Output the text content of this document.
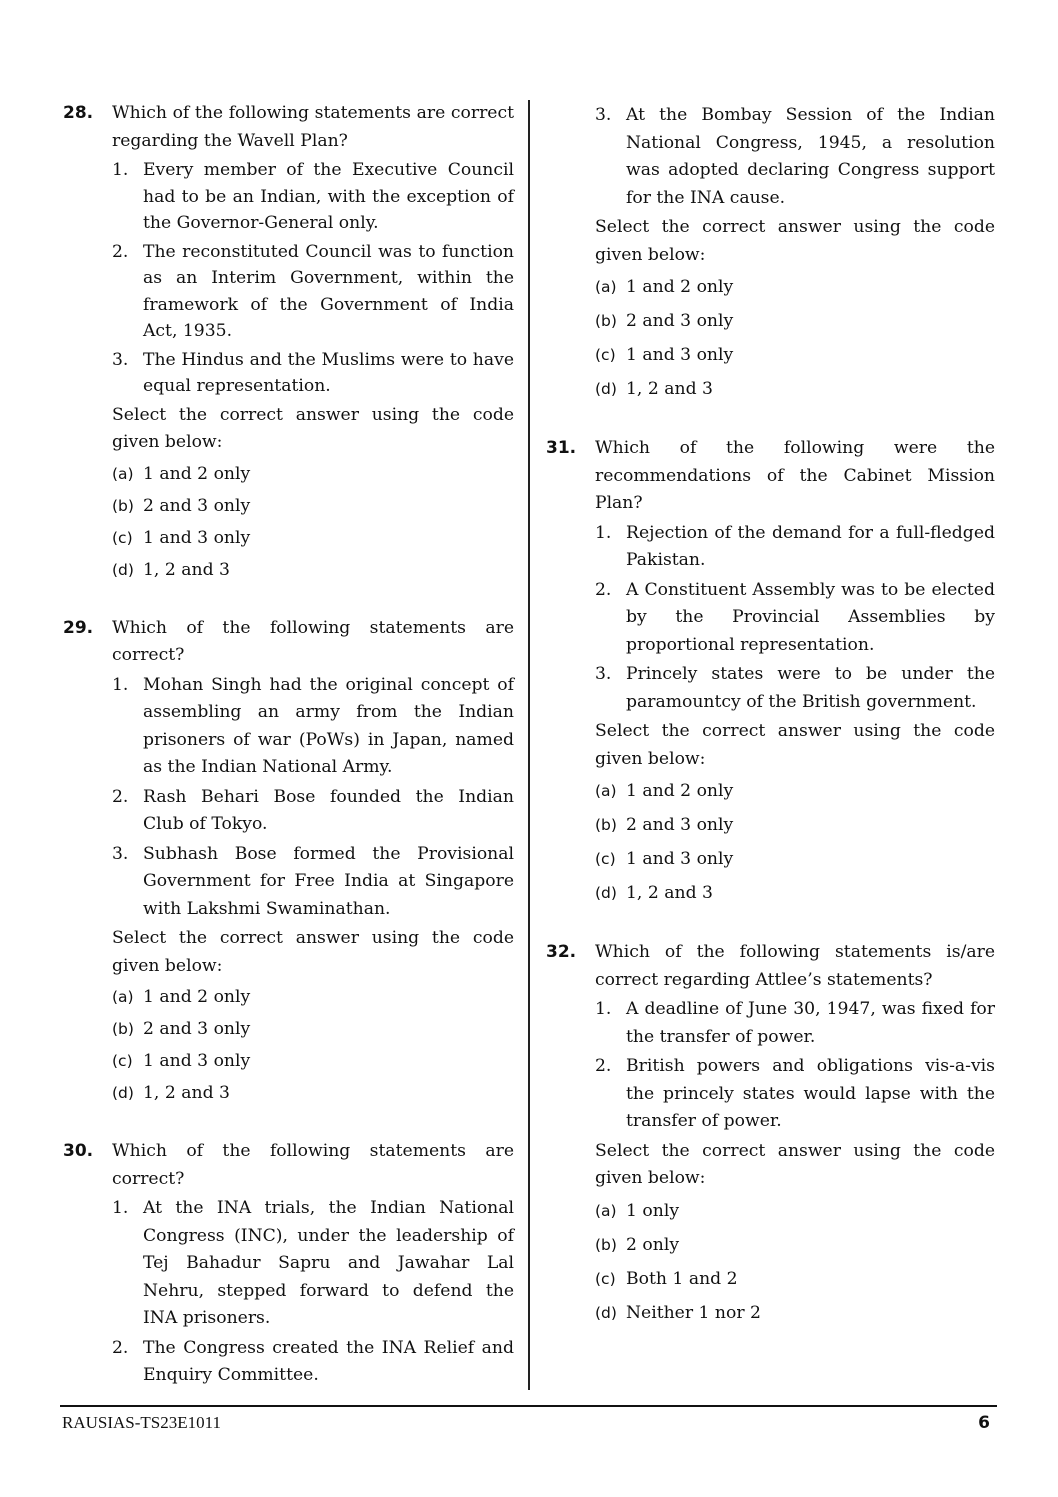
28.	Which of the following statements are correct regarding the Wavell Plan?
1. Every member of the Executive Council had to be an Indian, with the exception of the Governor-General only.
2. The reconstituted Council was to function as an Interim Government, within the framework of the Government of India Act, 1935.
3. The Hindus and the Muslims were to have equal representation.
Select the correct answer using the code given below:
(a) 1 and 2 only
(b) 2 and 3 only
(c) 1 and 3 only
(d) 1, 2 and 3
29.	Which of the following statements are correct?
1. Mohan Singh had the original concept of assembling an army from the Indian prisoners of war (PoWs) in Japan, named as the Indian National Army.
2. Rash Behari Bose founded the Indian Club of Tokyo.
3. Subhash Bose formed the Provisional Government for Free India at Singapore with Lakshmi Swaminathan.
Select the correct answer using the code given below:
(a) 1 and 2 only
(b) 2 and 3 only
(c) 1 and 3 only
(d) 1, 2 and 3
30.	Which of the following statements are correct?
1. At the INA trials, the Indian National Congress (INC), under the leadership of Tej Bahadur Sapru and Jawahar Lal Nehru, stepped forward to defend the INA prisoners.
2. The Congress created the INA Relief and Enquiry Committee.
3. At the Bombay Session of the Indian National Congress, 1945, a resolution was adopted declaring Congress support for the INA cause.
Select the correct answer using the code given below:
(a) 1 and 2 only
(b) 2 and 3 only
(c) 1 and 3 only
(d) 1, 2 and 3
31.	Which of the following were the recommendations of the Cabinet Mission Plan?
1. Rejection of the demand for a full-fledged Pakistan.
2. A Constituent Assembly was to be elected by the Provincial Assemblies by proportional representation.
3. Princely states were to be under the paramountcy of the British government.
Select the correct answer using the code given below:
(a) 1 and 2 only
(b) 2 and 3 only
(c) 1 and 3 only
(d) 1, 2 and 3
32.	Which of the following statements is/are correct regarding Attlee’s statements?
1. A deadline of June 30, 1947, was fixed for the transfer of power.
2. British powers and obligations vis-a-vis the princely states would lapse with the transfer of power.
Select the correct answer using the code given below:
(a) 1 only
(b) 2 only
(c) Both 1 and 2
(d) Neither 1 nor 2
RAUSIAS-TS23E1011	6
